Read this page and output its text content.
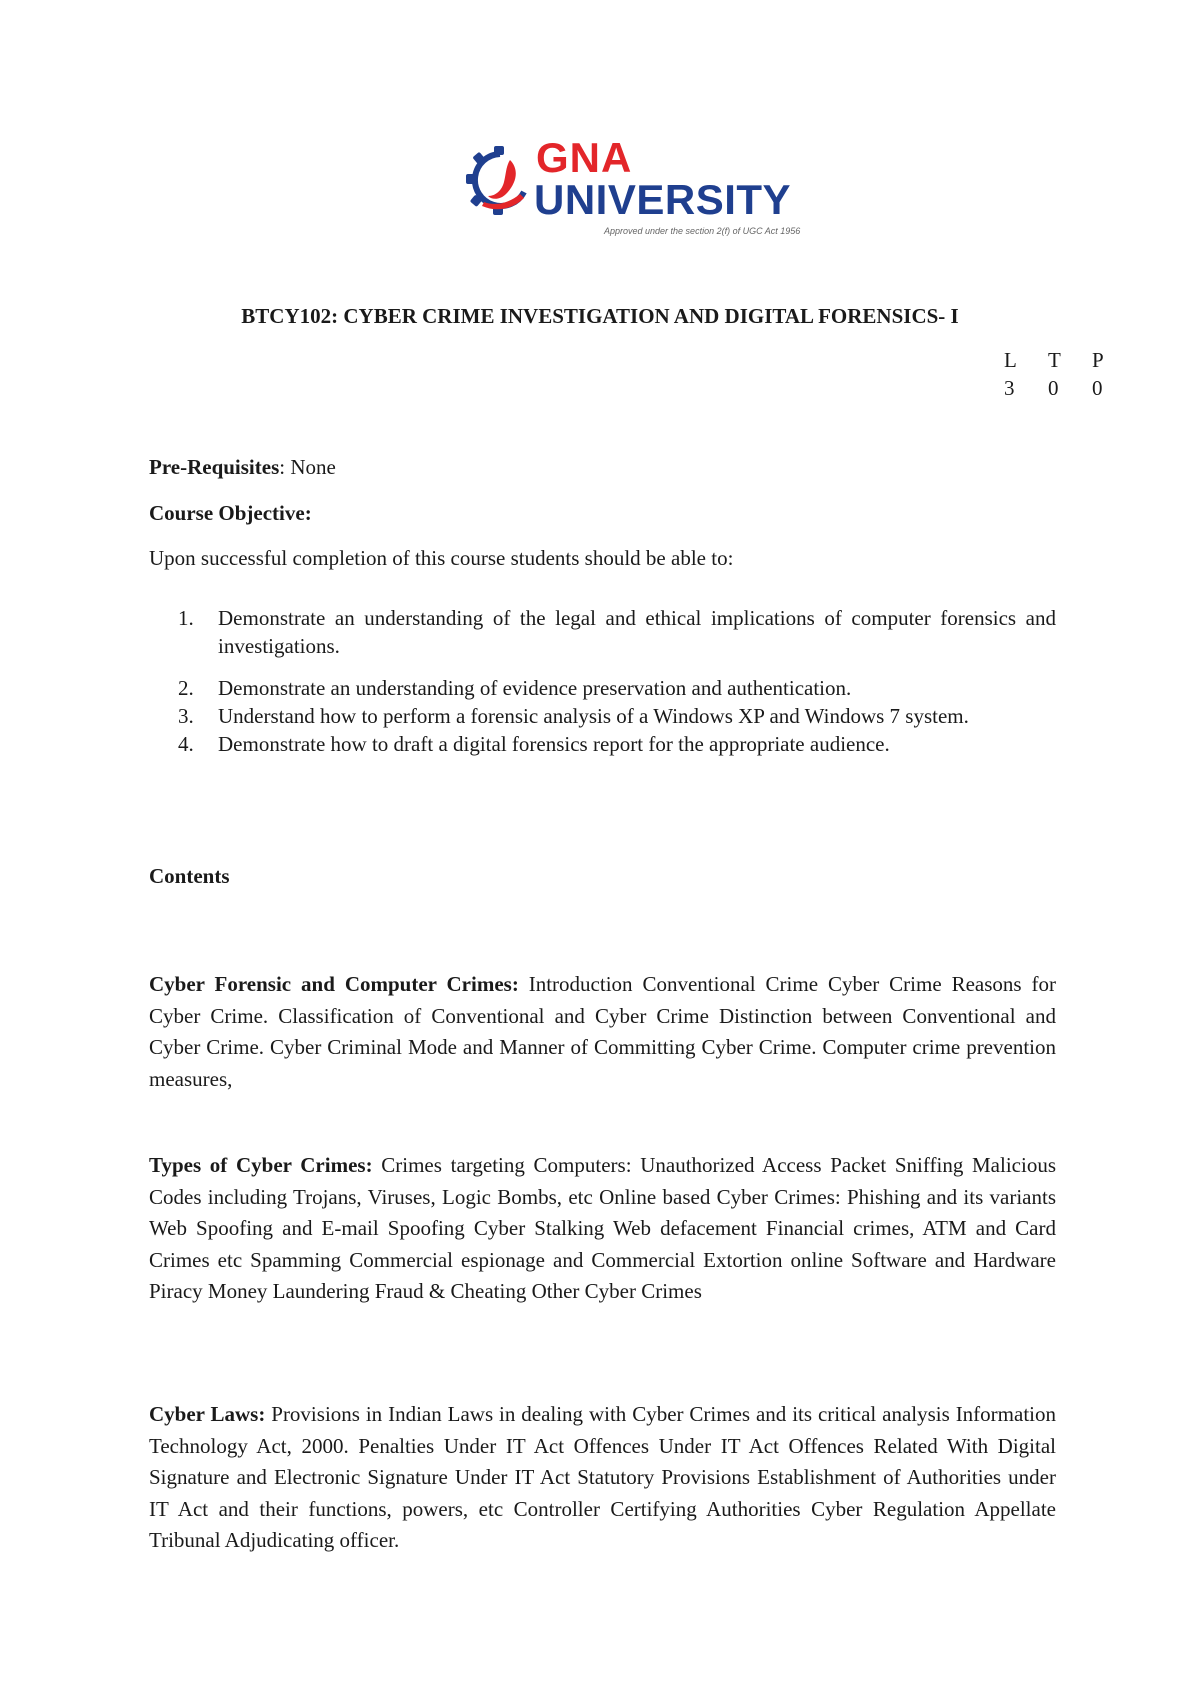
GNA
UNIVERSITY
Approved under the section 2(f) of UGC Act 1956
BTCY102: CYBER CRIME INVESTIGATION AND DIGITAL FORENSICS- I
L	T	P
3	0	0
Pre-Requisites: None
Course Objective:
Upon successful completion of this course students should be able to:
1. Demonstrate an understanding of the legal and ethical implications of computer forensics and investigations.
2. Demonstrate an understanding of evidence preservation and authentication.
3. Understand how to perform a forensic analysis of a Windows XP and Windows 7 system.
4. Demonstrate how to draft a digital forensics report for the appropriate audience.
Contents
Cyber Forensic and Computer Crimes: Introduction Conventional Crime Cyber Crime Reasons for Cyber Crime. Classification of Conventional and Cyber Crime Distinction between Conventional and Cyber Crime. Cyber Criminal Mode and Manner of Committing Cyber Crime. Computer crime prevention measures,
Types of Cyber Crimes: Crimes targeting Computers: Unauthorized Access Packet Sniffing Malicious Codes including Trojans, Viruses, Logic Bombs, etc Online based Cyber Crimes: Phishing and its variants Web Spoofing and E-mail Spoofing Cyber Stalking Web defacement Financial crimes, ATM and Card Crimes etc Spamming Commercial espionage and Commercial Extortion online Software and Hardware Piracy Money Laundering Fraud & Cheating Other Cyber Crimes
Cyber Laws: Provisions in Indian Laws in dealing with Cyber Crimes and its critical analysis Information Technology Act, 2000. Penalties Under IT Act Offences Under IT Act Offences Related With Digital Signature and Electronic Signature Under IT Act Statutory Provisions Establishment of Authorities under IT Act and their functions, powers, etc Controller Certifying Authorities Cyber Regulation Appellate Tribunal Adjudicating officer.
